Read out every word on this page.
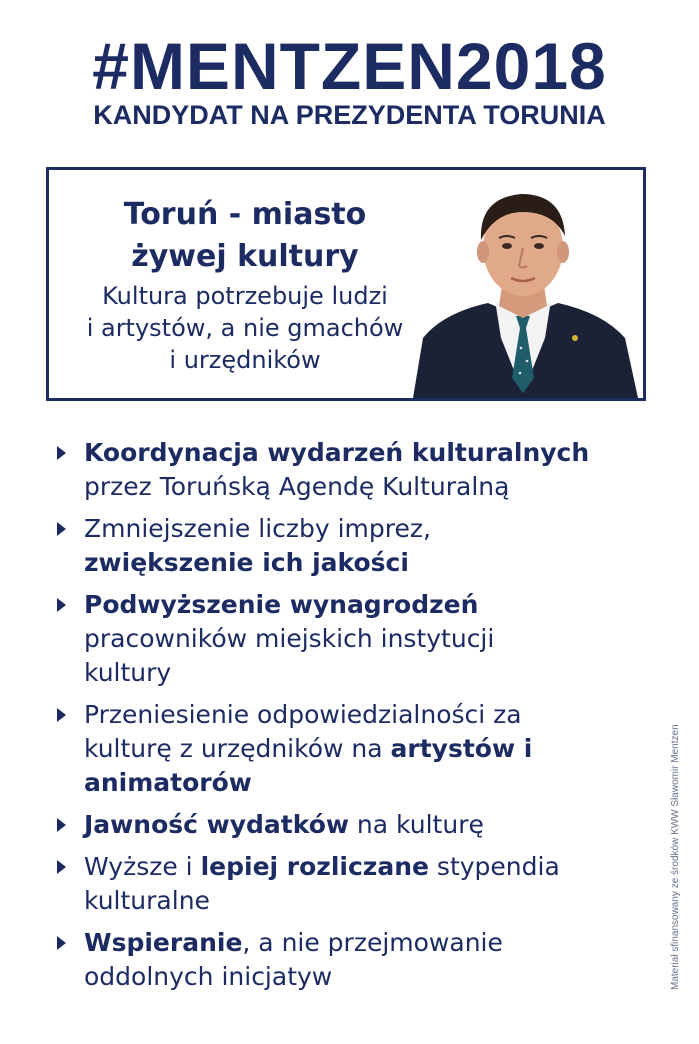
#MENTZEN2018
KANDYDAT NA PREZYDENTA TORUNIA
Toruń - miasto
żywej kultury
Kultura potrzebuje ludzi
i artystów, a nie gmachów
i urzędników
Koordynacja wydarzeń kulturalnych
przez Toruńską Agendę Kulturalną
Zmniejszenie liczby imprez,
zwiększenie ich jakości
Podwyższenie wynagrodzeń
pracowników miejskich instytucji
kultury
Przeniesienie odpowiedzialności za
kulturę z urzędników na artystów i
animatorów
Jawność wydatków na kulturę
Wyższe i lepiej rozliczane stypendia
kulturalne
Wspieranie, a nie przejmowanie
oddolnych inicjatyw	Materiał sfinansowany ze środków KWW Sławomir Mentzen
